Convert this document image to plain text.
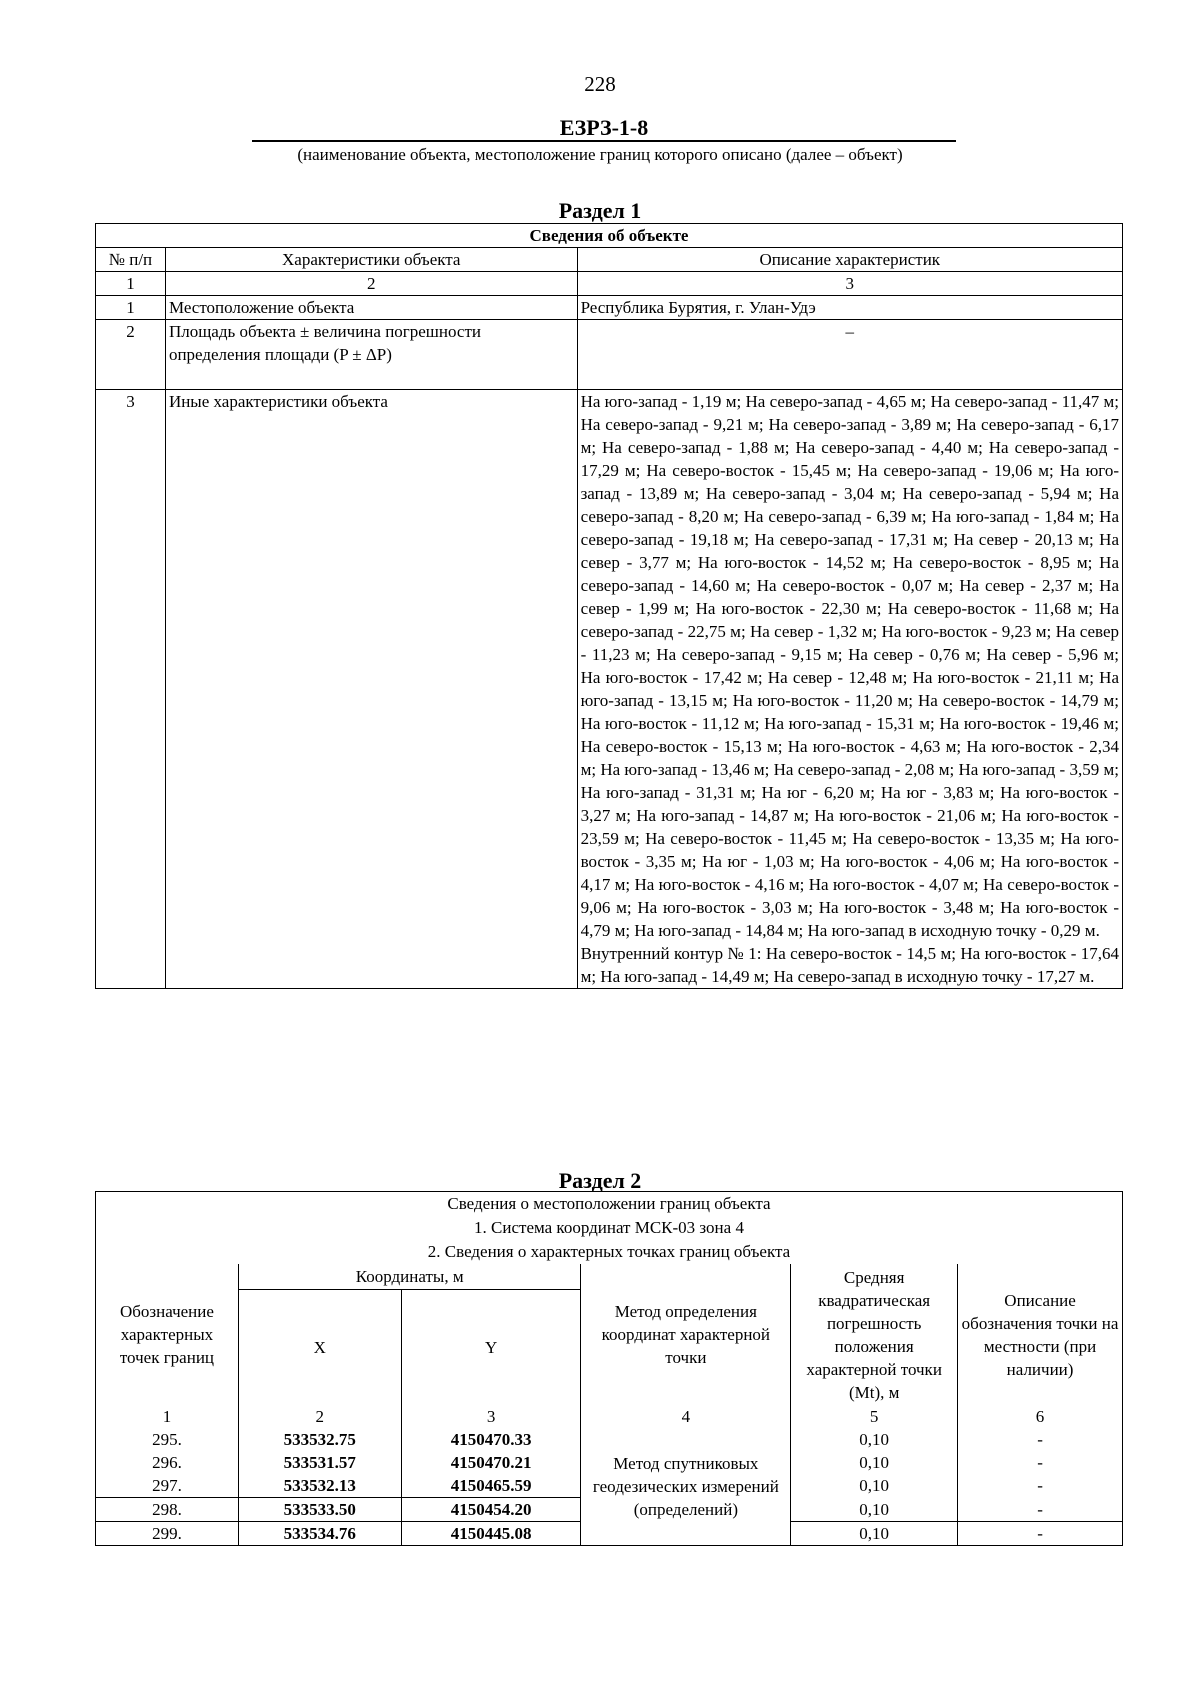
228
ЕЗРЗ-1-8
(наименование объекта, местоположение границ которого описано (далее – объект)
Раздел 1
Сведения об объекте		
№ п/п	Характеристики объекта	Описание характеристик
1	2	3
1	Местоположение объекта	Республика Бурятия, г. Улан-Удэ
2	Площадь объекта ± величина погрешности определения площади (P ± ΔP)	–
3	Иные характеристики объекта	На юго-запад - 1,19 м; На северо-запад - 4,65 м; На северо-запад - 11,47 м; На северо-запад - 9,21 м; На северо-запад - 3,89 м; На северо-запад - 6,17 м; На северо-запад - 1,88 м; На северо-запад - 4,40 м; На северо-запад - 17,29 м; На северо-восток - 15,45 м; На северо-запад - 19,06 м; На юго-запад - 13,89 м; На северо-запад - 3,04 м; На северо-запад - 5,94 м; На северо-запад - 8,20 м; На северо-запад - 6,39 м; На юго-запад - 1,84 м; На северо-запад - 19,18 м; На северо-запад - 17,31 м; На север - 20,13 м; На север - 3,77 м; На юго-восток - 14,52 м; На северо-восток - 8,95 м; На северо-запад - 14,60 м; На северо-восток - 0,07 м; На север - 2,37 м; На север - 1,99 м; На юго-восток - 22,30 м; На северо-восток - 11,68 м; На северо-запад - 22,75 м; На север - 1,32 м; На юго-восток - 9,23 м; На север - 11,23 м; На северо-запад - 9,15 м; На север - 0,76 м; На север - 5,96 м; На юго-восток - 17,42 м; На север - 12,48 м; На юго-восток - 21,11 м; На юго-запад - 13,15 м; На юго-восток - 11,20 м; На северо-восток - 14,79 м; На юго-восток - 11,12 м; На юго-запад - 15,31 м; На юго-восток - 19,46 м; На северо-восток - 15,13 м; На юго-восток - 4,63 м; На юго-восток - 2,34 м; На юго-запад - 13,46 м; На северо-запад - 2,08 м; На юго-запад - 3,59 м; На юго-запад - 31,31 м; На юг - 6,20 м; На юг - 3,83 м; На юго-восток - 3,27 м; На юго-запад - 14,87 м; На юго-восток - 21,06 м; На юго-восток - 23,59 м; На северо-восток - 11,45 м; На северо-восток - 13,35 м; На юго-восток - 3,35 м; На юг - 1,03 м; На юго-восток - 4,06 м; На юго-восток - 4,17 м; На юго-восток - 4,16 м; На юго-восток - 4,07 м; На северо-восток - 9,06 м; На юго-восток - 3,03 м; На юго-восток - 3,48 м; На юго-восток - 4,79 м; На юго-запад - 14,84 м; На юго-запад в исходную точку - 0,29 м.
Внутренний контур № 1: На северо-восток - 14,5 м; На юго-восток - 17,64 м; На юго-запад - 14,49 м; На северо-запад в исходную точку - 17,27 м.
Раздел 2
Сведения о местоположении границ объекта					
1. Система координат МСК-03 зона 4					
2. Сведения о характерных точках границ объекта					
Обозначение характерных точек границ	Координаты, м		Метод определения координат характерной точки	Средняя квадратическая погрешность положения характерной точки (Mt), м	Описание обозначения точки на местности (при наличии)
	X	Y			
1	2	3	4	5	6
295.	533532.75	4150470.33	Метод спутниковых геодезических измерений (определений)	0,10	-
296.	533531.57	4150470.21		0,10	-
297.	533532.13	4150465.59		0,10	-
298.	533533.50	4150454.20		0,10	-
299.	533534.76	4150445.08		0,10	-
